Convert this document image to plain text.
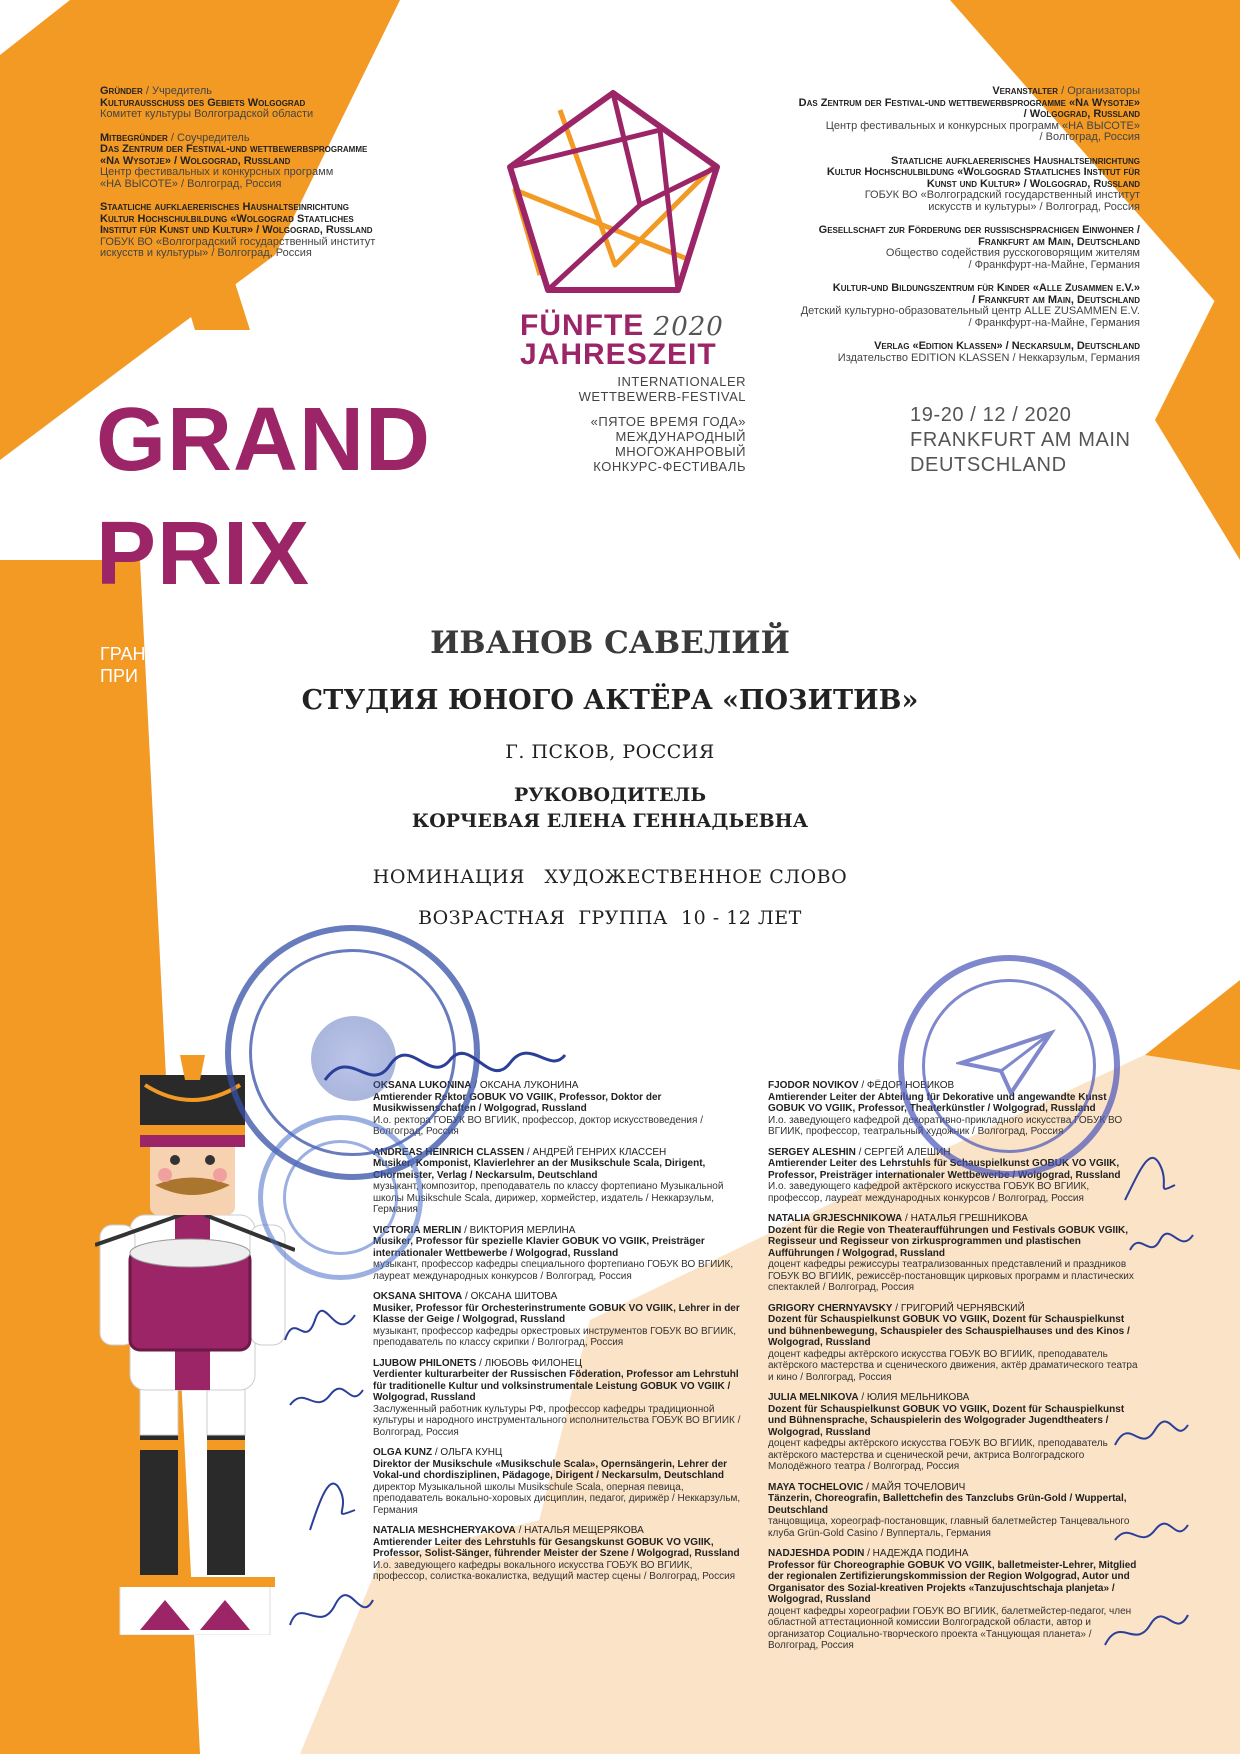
Gründer / Учредитель

Kulturausschuss des Gebiets Wolgograd

Комитет культуры Волгоградской области

Mitbegründer / Соучредитель

Das Zentrum der Festival-und wettbewerbsprogramme

«Na Wysotje» / Wolgograd, Russland

Центр фестивальных и конкурсных программ

«НА ВЫСОТЕ» / Волгоград, Россия

Staatliche aufklaererisches Haushaltseinrichtung

Kultur Hochschulbildung «Wolgograd Staatliches

Institut für Kunst und Kultur» / Wolgograd, Russland

ГОБУК ВО «Волгоградский государственный институт

искусств и культуры» / Волгоград, Россия

Veranstalter / Организаторы

Das Zentrum der Festival-und wettbewerbsprogramme «Na Wysotje»

/ Wolgograd, Russland

Центр фестивальных и конкурсных программ «НА ВЫСОТЕ»

/ Волгоград, Россия

Staatliche aufklaererisches Haushaltseinrichtung

Kultur Hochschulbildung «Wolgograd Staatliches Institut für

Kunst und Kultur» / Wolgograd, Russland

ГОБУК ВО «Волгоградский государственный институт

искусств и культуры» / Волгоград, Россия

Gesellschaft zur Förderung der russischsprachigen Einwohner /

Frankfurt am Main, Deutschland

Общество содействия русскоговорящим жителям

/ Франкфурт-на-Майне, Германия

Kultur-und Bildungszentrum für Kinder «Alle Zusammen e.V.»

/ Frankfurt am Main, Deutschland

Детский культурно-образовательный центр ALLE ZUSAMMEN E.V.

/ Франкфурт-на-Майне, Германия

Verlag «Edition Klassen» / Neckarsulm, Deutschland

Издательство EDITION KLASSEN / Неккарзульм, Германия

FÜNFTE 2020
JAHRESZEIT
INTERNATIONALER
WETTBEWERB-FESTIVAL
«ПЯТОЕ ВРЕМЯ ГОДА»
МЕЖДУНАРОДНЫЙ
МНОГОЖАНРОВЫЙ
КОНКУРС-ФЕСТИВАЛЬ
19-20 / 12 / 2020
FRANKFURT AM MAIN
DEUTSCHLAND
GRAND
PRIX
ГРАН-
ПРИ
ИВАНОВ САВЕЛИЙ
СТУДИЯ ЮНОГО АКТЁРА «ПОЗИТИВ»
Г. ПСКОВ, РОССИЯ
РУКОВОДИТЕЛЬ
КОРЧЕВАЯ ЕЛЕНА ГЕННАДЬЕВНА
НОМИНАЦИЯ   ХУДОЖЕСТВЕННОЕ СЛОВО
ВОЗРАСТНАЯ  ГРУППА  10 - 12 ЛЕТ
OKSANA LUKONINA / ОКСАНА ЛУКОНИНА
Amtierender Rektor GOBUK VO VGIIK, Professor, Doktor der Musikwissenschaften / Wolgograd, Russland
И.о. ректора ГОБУК ВО ВГИИК, профессор, доктор искусствоведения / Волгоград, Россия
ANDREAS HEINRICH CLASSEN / АНДРЕЙ ГЕНРИХ КЛАССЕН
Musiker, Komponist, Klavierlehrer an der Musikschule Scala, Dirigent, Chormeister, Verlag / Neckarsulm, Deutschland
музыкант, композитор, преподаватель по классу фортепиано Музыкальной школы Musikschule Scala, дирижер, хормейстер, издатель / Неккарзульм, Германия
VICTORIA MERLIN / ВИКТОРИЯ МЕРЛИНА
Musiker, Professor für spezielle Klavier GOBUK VO VGIIK, Preisträger internationaler Wettbewerbe / Wolgograd, Russland
музыкант, профессор кафедры специального фортепиано ГОБУК ВО ВГИИК, лауреат международных конкурсов / Волгоград, Россия
OKSANA SHITOVA / ОКСАНА ШИТОВА
Musiker, Professor für Orchesterinstrumente GOBUK VO VGIIK, Lehrer in der Klasse der Geige / Wolgograd, Russland
музыкант, профессор кафедры оркестровых инструментов ГОБУК ВО ВГИИК, преподаватель по классу скрипки / Волгоград, Россия
LJUBOW PHILONETS / ЛЮБОВЬ ФИЛОНЕЦ
Verdienter kulturarbeiter der Russischen Föderation, Professor am Lehrstuhl für traditionelle Kultur und volksinstrumentale Leistung GOBUK VO VGIIK / Wolgograd, Russland
Заслуженный работник культуры РФ, профессор кафедры традиционной культуры и народного инструментального исполнительства ГОБУК ВО ВГИИК / Волгоград, Россия
OLGA KUNZ / ОЛЬГА КУНЦ
Direktor der Musikschule «Musikschule Scala», Opernsängerin, Lehrer der Vokal-und chordisziplinen, Pädagoge, Dirigent / Neckarsulm, Deutschland
директор Музыкальной школы Musikschule Scala, оперная певица, преподаватель вокально-хоровых дисциплин, педагог, дирижёр / Неккарзульм, Германия
NATALIA MESHCHERYAKOVA / НАТАЛЬЯ МЕЩЕРЯКОВА
Amtierender Leiter des Lehrstuhls für Gesangskunst GOBUK VO VGIIK, Professor, Solist-Sänger, führender Meister der Szene / Wolgograd, Russland
И.о. заведующего кафедры вокального искусства ГОБУК ВО ВГИИК, профессор, солистка-вокалистка, ведущий мастер сцены / Волгоград, Россия
FJODOR NOVIKOV / ФЁДОР НОВИКОВ
Amtierender Leiter der Abteilung für Dekorative und angewandte Kunst GOBUK VO VGIIK, Professor, Theaterkünstler / Wolgograd, Russland
И.о. заведующего кафедрой декоративно-прикладного искусства ГОБУК ВО ВГИИК, профессор, театральный художник / Волгоград, Россия
SERGEY ALESHIN / СЕРГЕЙ АЛЕШИН
Amtierender Leiter des Lehrstuhls für Schauspielkunst GOBUK VO VGIIK, Professor, Preisträger internationaler Wettbewerbe / Wolgograd, Russland
И.о. заведующего кафедрой актёрского искусства ГОБУК ВО ВГИИК, профессор, лауреат международных конкурсов / Волгоград, Россия
NATALIA GRJESCHNIKOWA / НАТАЛЬЯ ГРЕШНИКОВА
Dozent für die Regie von Theateraufführungen und Festivals GOBUK VGIIK, Regisseur und Regisseur von zirkusprogrammen und plastischen Aufführungen / Wolgograd, Russland
доцент кафедры режиссуры театрализованных представлений и праздников ГОБУК ВО ВГИИК, режиссёр-постановщик цирковых программ и пластических спектаклей / Волгоград, Россия
GRIGORY CHERNYAVSKY / ГРИГОРИЙ ЧЕРНЯВСКИЙ
Dozent für Schauspielkunst GOBUK VO VGIIK, Dozent für Schauspielkunst und bühnenbewegung, Schauspieler des Schauspielhauses und des Kinos / Wolgograd, Russland
доцент кафедры актёрского искусства ГОБУК ВО ВГИИК, преподаватель актёрского мастерства и сценического движения, актёр драматического театра и кино / Волгоград, Россия
JULIA MELNIKOVA / ЮЛИЯ МЕЛЬНИКОВА
Dozent für Schauspielkunst GOBUK VO VGIIK, Dozent für Schauspielkunst und Bühnensprache, Schauspielerin des Wolgograder Jugendtheaters / Wolgograd, Russland
доцент кафедры актёрского искусства ГОБУК ВО ВГИИК, преподаватель актёрского мастерства и сценической речи, актриса Волгоградского Молодёжного театра / Волгоград, Россия
MAYA TOCHELOVIC / МАЙЯ ТОЧЕЛОВИЧ
Tänzerin, Choreografin, Ballettchefin des Tanzclubs Grün-Gold / Wuppertal, Deutschland
танцовщица, хореограф-постановщик, главный балетмейстер Танцевального клуба Grün-Gold Casino / Вупперталь, Германия
NADJESHDA PODIN / НАДЕЖДА ПОДИНА
Professor für Choreographie GOBUK VO VGIIK, balletmeister-Lehrer, Mitglied der regionalen Zertifizierungskommission der Region Wolgograd, Autor und Organisator des Sozial-kreativen Projekts «Tanzujuschtschaja planjeta» / Wolgograd, Russland
доцент кафедры хореографии ГОБУК ВО ВГИИК, балетмейстер-педагог, член областной аттестационной комиссии Волгоградской области, автор и организатор Социально-творческого проекта «Танцующая планета» / Волгоград, Россия
